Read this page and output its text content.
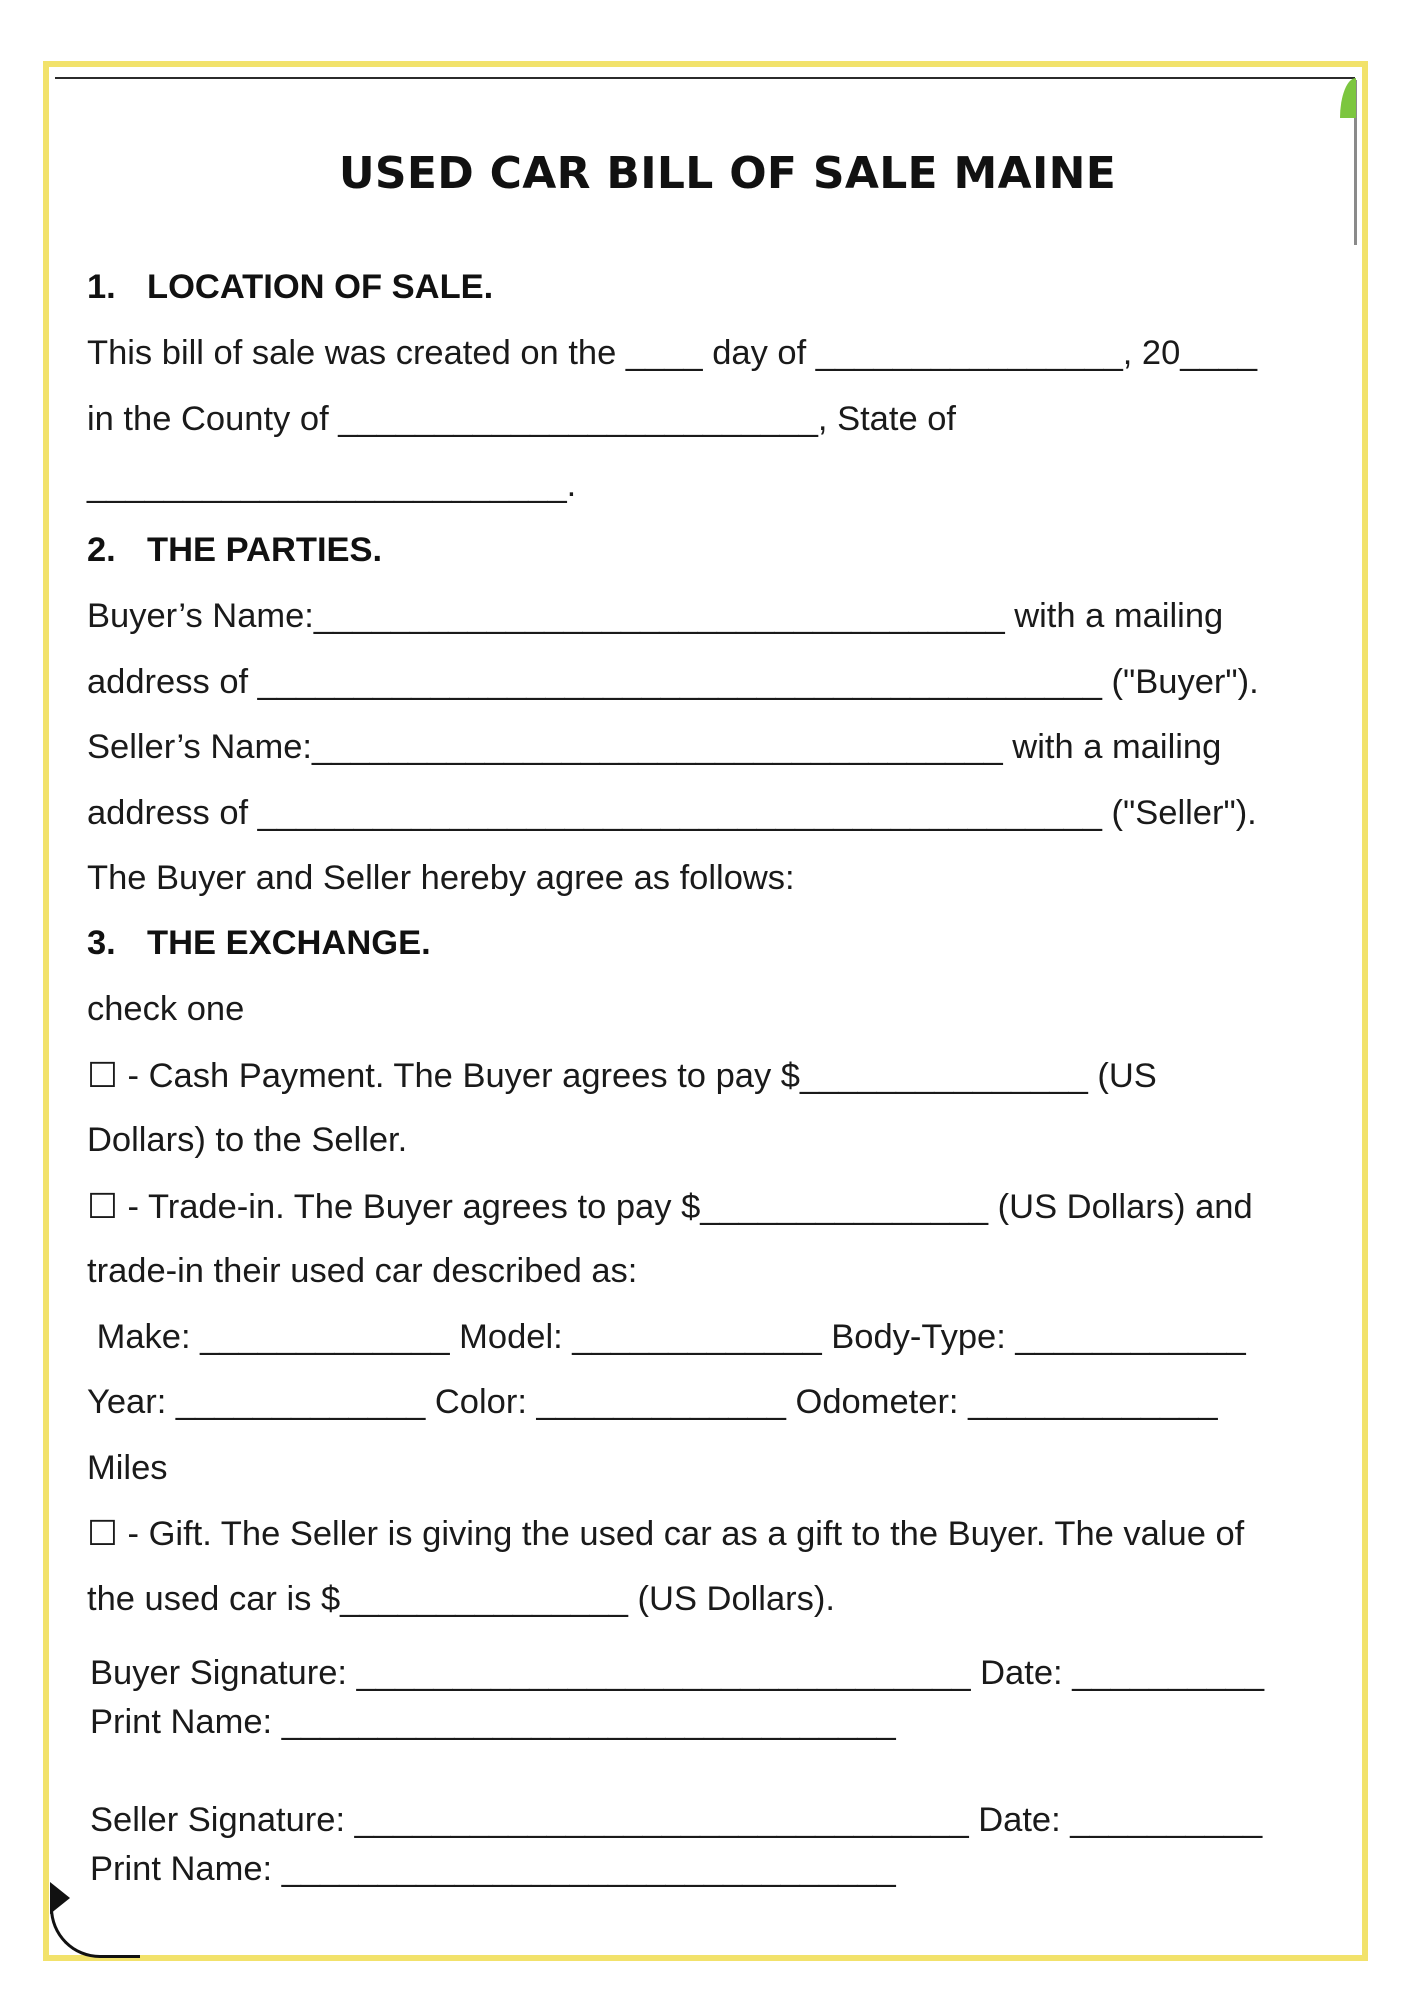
USED CAR BILL OF SALE MAINE
1. LOCATION OF SALE.
This bill of sale was created on the ____ day of ________________, 20____
in the County of _________________________, State of
_________________________.
2. THE PARTIES.
Buyer’s Name:____________________________________ with a mailing
address of ____________________________________________ ("Buyer").
Seller’s Name:____________________________________ with a mailing
address of ____________________________________________ ("Seller").
The Buyer and Seller hereby agree as follows:
3. THE EXCHANGE.
check one
☐ - Cash Payment. The Buyer agrees to pay $_______________ (US
Dollars) to the Seller.
☐ - Trade-in. The Buyer agrees to pay $_______________ (US Dollars) and
trade-in their used car described as:
Make: _____________ Model: _____________ Body-Type: ____________
Year: _____________ Color: _____________ Odometer: _____________
Miles
☐ - Gift. The Seller is giving the used car as a gift to the Buyer. The value of
the used car is $_______________ (US Dollars).
Buyer Signature: ________________________________ Date: __________
Print Name: ________________________________
Seller Signature: ________________________________ Date: __________
Print Name: ________________________________
